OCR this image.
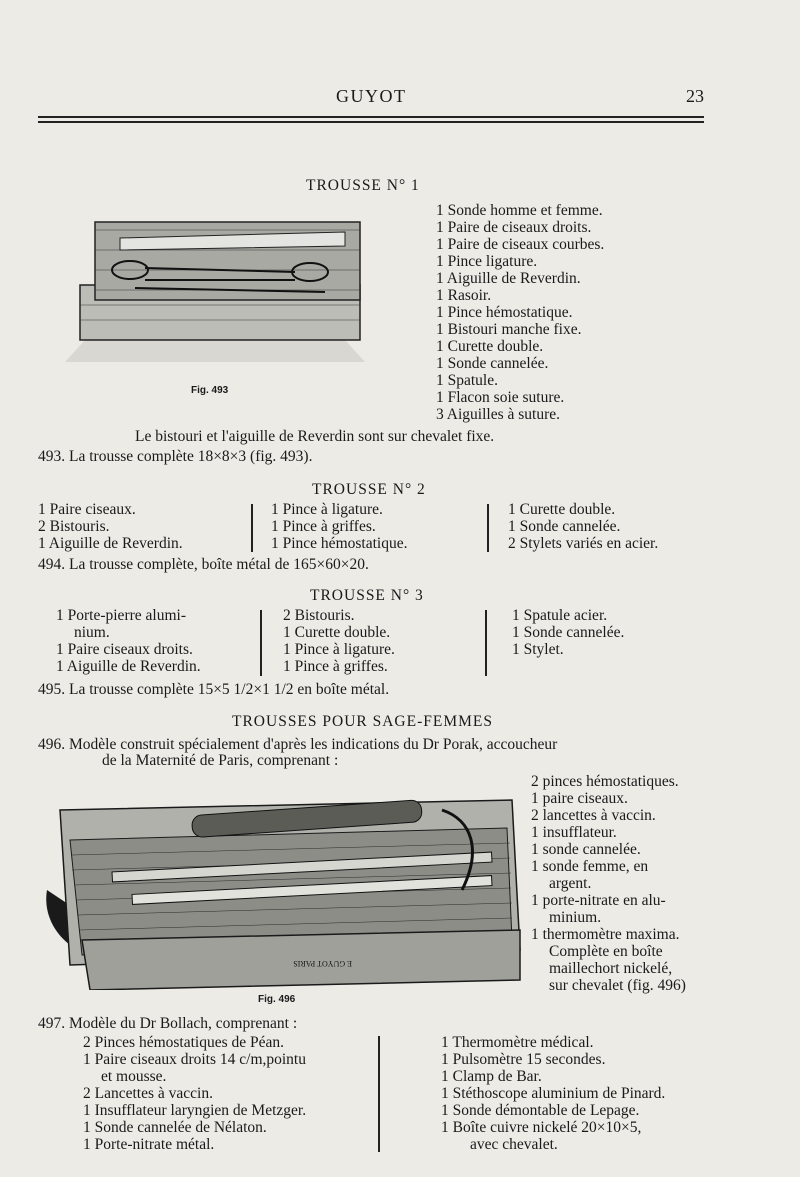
GUYOT	23
TROUSSE N° 1
Fig. 493
1 Sonde homme et femme.
1 Paire de ciseaux droits.
1 Paire de ciseaux courbes.
1 Pince ligature.
1 Aiguille de Reverdin.
1 Rasoir.
1 Pince hémostatique.
1 Bistouri manche fixe.
1 Curette double.
1 Sonde cannelée.
1 Spatule.
1 Flacon soie suture.
3 Aiguilles à suture.
Le bistouri et l'aiguille de Reverdin sont sur chevalet fixe.
493. La trousse complète 18×8×3 (fig. 493).
TROUSSE N° 2
1 Paire ciseaux.
2 Bistouris.
1 Aiguille de Reverdin.
1 Pince à ligature.
1 Pince à griffes.
1 Pince hémostatique.
1 Curette double.
1 Sonde cannelée.
2 Stylets variés en acier.
494. La trousse complète, boîte métal de 165×60×20.
TROUSSE N° 3
1 Porte-pierre alumi-
nium.
1 Paire ciseaux droits.
1 Aiguille de Reverdin.
2 Bistouris.
1 Curette double.
1 Pince à ligature.
1 Pince à griffes.
1 Spatule acier.
1 Sonde cannelée.
1 Stylet.
495. La trousse complète 15×5 1/2×1 1/2 en boîte métal.
TROUSSES POUR SAGE-FEMMES
496. Modèle construit spécialement d'après les indications du Dr Porak, accoucheur
de la Maternité de Paris, comprenant :
E GUYOT PARIS
Fig. 496
2 pinces hémostatiques.
1 paire ciseaux.
2 lancettes à vaccin.
1 insufflateur.
1 sonde cannelée.
1 sonde femme, en
argent.
1 porte-nitrate en alu-
minium.
1 thermomètre maxima.
Complète en boîte
maillechort nickelé,
sur chevalet (fig. 496)
497. Modèle du Dr Bollach, comprenant :
2 Pinces hémostatiques de Péan.
1 Paire ciseaux droits 14 c/m,pointu
et mousse.
2 Lancettes à vaccin.
1 Insufflateur laryngien de Metzger.
1 Sonde cannelée de Nélaton.
1 Porte-nitrate métal.
1 Thermomètre médical.
1 Pulsomètre 15 secondes.
1 Clamp de Bar.
1 Stéthoscope aluminium de Pinard.
1 Sonde démontable de Lepage.
1 Boîte cuivre nickelé 20×10×5,
avec chevalet.
